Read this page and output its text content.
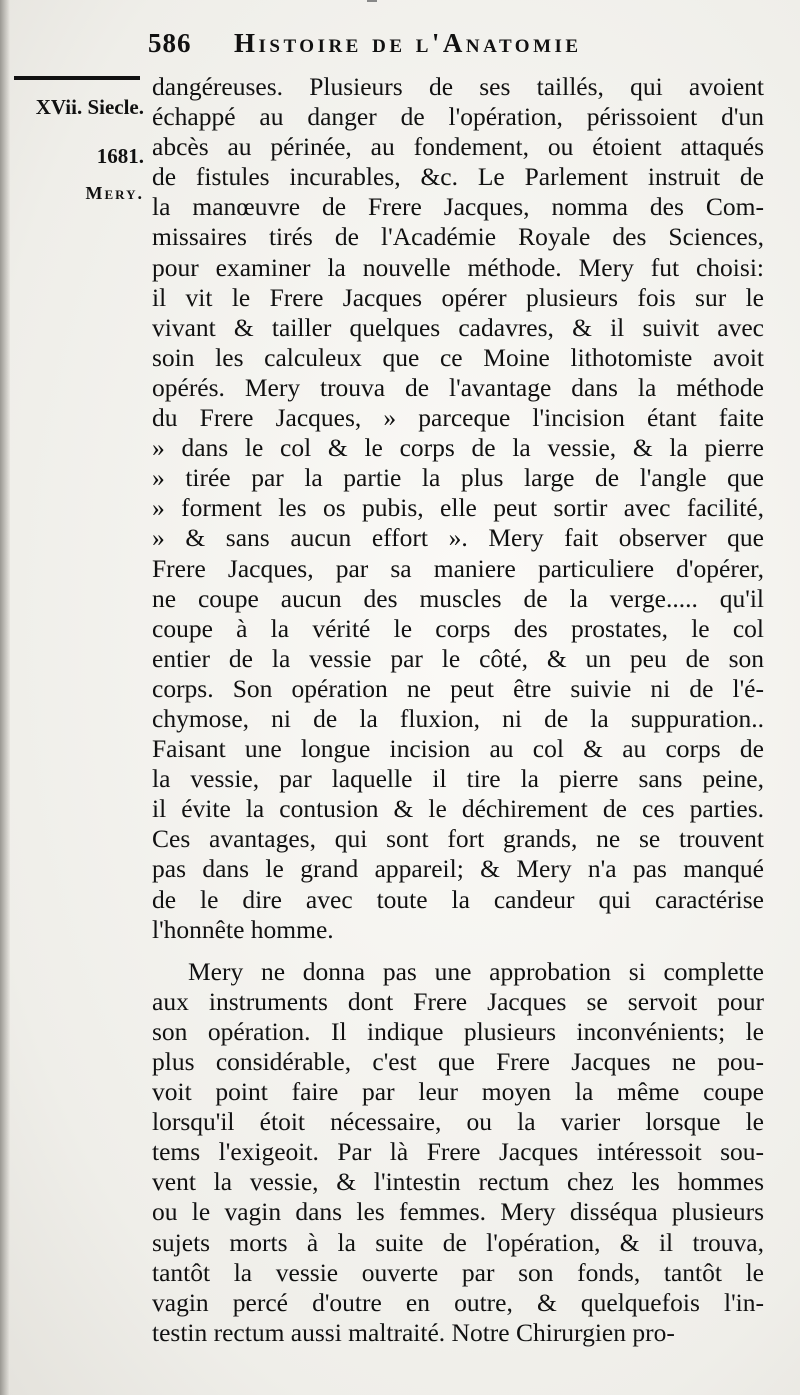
586 Histoire de l'Anatomie
XVii. Siecle.
1681.
Mery.
dangéreuses. Plusieurs de ses taillés, qui avoient
échappé au danger de l'opération, périssoient d'un
abcès au périnée, au fondement, ou étoient attaqués
de fistules incurables, &c. Le Parlement instruit de
la manœuvre de Frere Jacques, nomma des Com-
missaires tirés de l'Académie Royale des Sciences,
pour examiner la nouvelle méthode. Mery fut choisi:
il vit le Frere Jacques opérer plusieurs fois sur le
vivant & tailler quelques cadavres, & il suivit avec
soin les calculeux que ce Moine lithotomiste avoit
opérés. Mery trouva de l'avantage dans la méthode
du Frere Jacques, » parceque l'incision étant faite
» dans le col & le corps de la vessie, & la pierre
» tirée par la partie la plus large de l'angle que
» forment les os pubis, elle peut sortir avec facilité,
» & sans aucun effort ». Mery fait observer que
Frere Jacques, par sa maniere particuliere d'opérer,
ne coupe aucun des muscles de la verge..... qu'il
coupe à la vérité le corps des prostates, le col
entier de la vessie par le côté, & un peu de son
corps. Son opération ne peut être suivie ni de l'é-
chymose, ni de la fluxion, ni de la suppuration..
Faisant une longue incision au col & au corps de
la vessie, par laquelle il tire la pierre sans peine,
il évite la contusion & le déchirement de ces parties.
Ces avantages, qui sont fort grands, ne se trouvent
pas dans le grand appareil; & Mery n'a pas manqué
de le dire avec toute la candeur qui caractérise
l'honnête homme.
Mery ne donna pas une approbation si complette
aux instruments dont Frere Jacques se servoit pour
son opération. Il indique plusieurs inconvénients; le
plus considérable, c'est que Frere Jacques ne pou-
voit point faire par leur moyen la même coupe
lorsqu'il étoit nécessaire, ou la varier lorsque le
tems l'exigeoit. Par là Frere Jacques intéressoit sou-
vent la vessie, & l'intestin rectum chez les hommes
ou le vagin dans les femmes. Mery disséqua plusieurs
sujets morts à la suite de l'opération, & il trouva,
tantôt la vessie ouverte par son fonds, tantôt le
vagin percé d'outre en outre, & quelquefois l'in-
testin rectum aussi maltraité. Notre Chirurgien pro-
